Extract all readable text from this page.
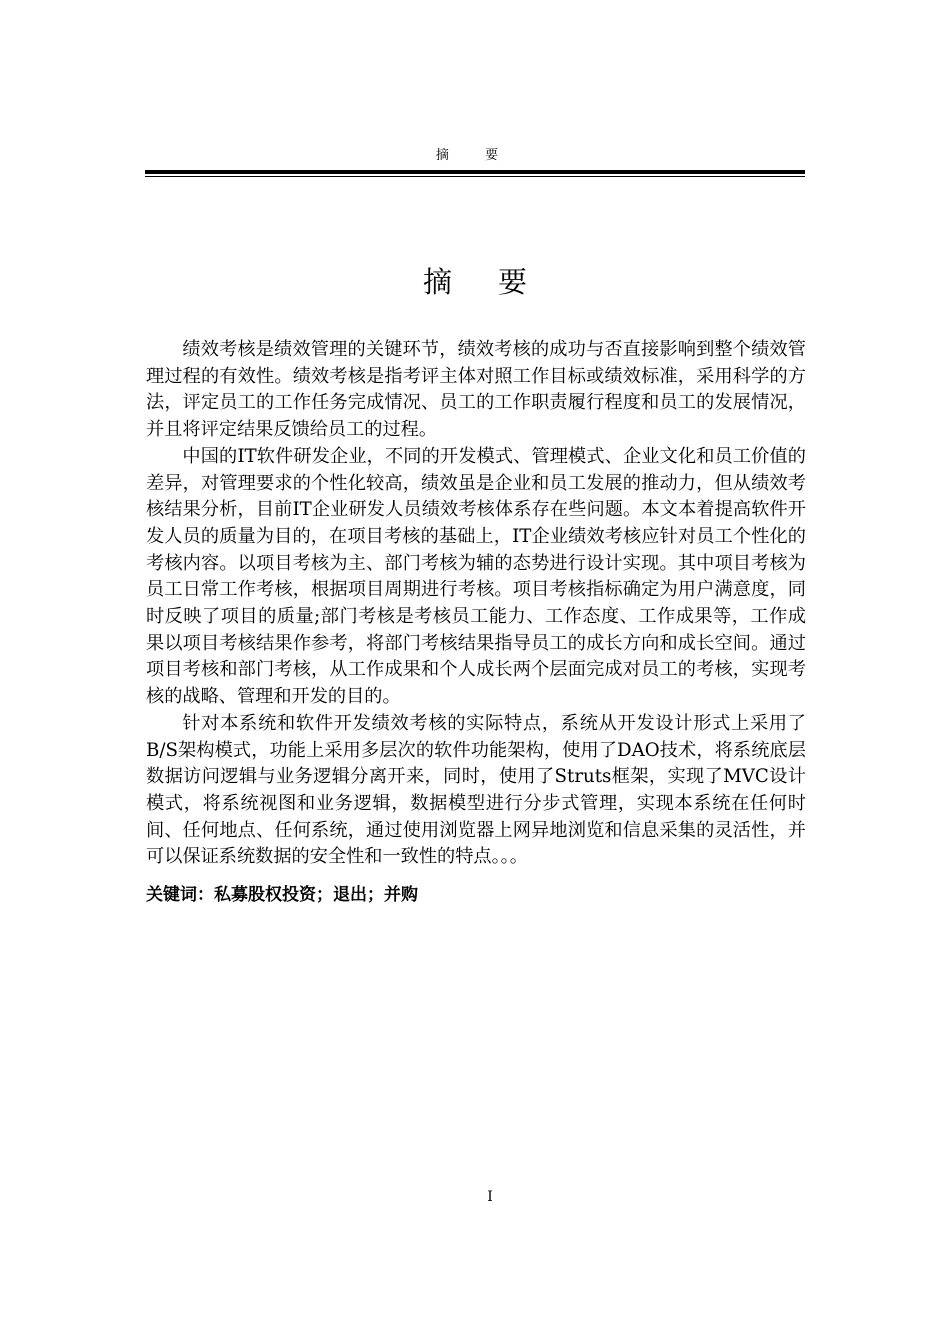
摘 要
摘要

绩效考核是绩效管理的关键环节，绩效考核的成功与否直接影响到整个绩效管理过程的有效性。绩效考核是指考评主体对照工作目标或绩效标准，采用科学的方法，评定员工的工作任务完成情况、员工的工作职责履行程度和员工的发展情况，并且将评定结果反馈给员工的过程。

中国的IT软件研发企业，不同的开发模式、管理模式、企业文化和员工价值的差异，对管理要求的个性化较高，绩效虽是企业和员工发展的推动力，但从绩效考核结果分析，目前IT企业研发人员绩效考核体系存在些问题。本文本着提高软件开发人员的质量为目的，在项目考核的基础上，IT企业绩效考核应针对员工个性化的考核内容。以项目考核为主、部门考核为辅的态势进行设计实现。其中项目考核为员工日常工作考核，根据项目周期进行考核。项目考核指标确定为用户满意度，同时反映了项目的质量;部门考核是考核员工能力、工作态度、工作成果等，工作成果以项目考核结果作参考，将部门考核结果指导员工的成长方向和成长空间。通过项目考核和部门考核，从工作成果和个人成长两个层面完成对员工的考核，实现考核的战略、管理和开发的目的。

针对本系统和软件开发绩效考核的实际特点，系统从开发设计形式上采用了B/S架构模式，功能上采用多层次的软件功能架构，使用了DAO技术，将系统底层数据访问逻辑与业务逻辑分离开来，同时，使用了Struts框架，实现了MVC设计模式，将系统视图和业务逻辑，数据模型进行分步式管理，实现本系统在任何时间、任何地点、任何系统，通过使用浏览器上网异地浏览和信息采集的灵活性，并可以保证系统数据的安全性和一致性的特点。。。

关键词：私募股权投资；退出；并购
I
